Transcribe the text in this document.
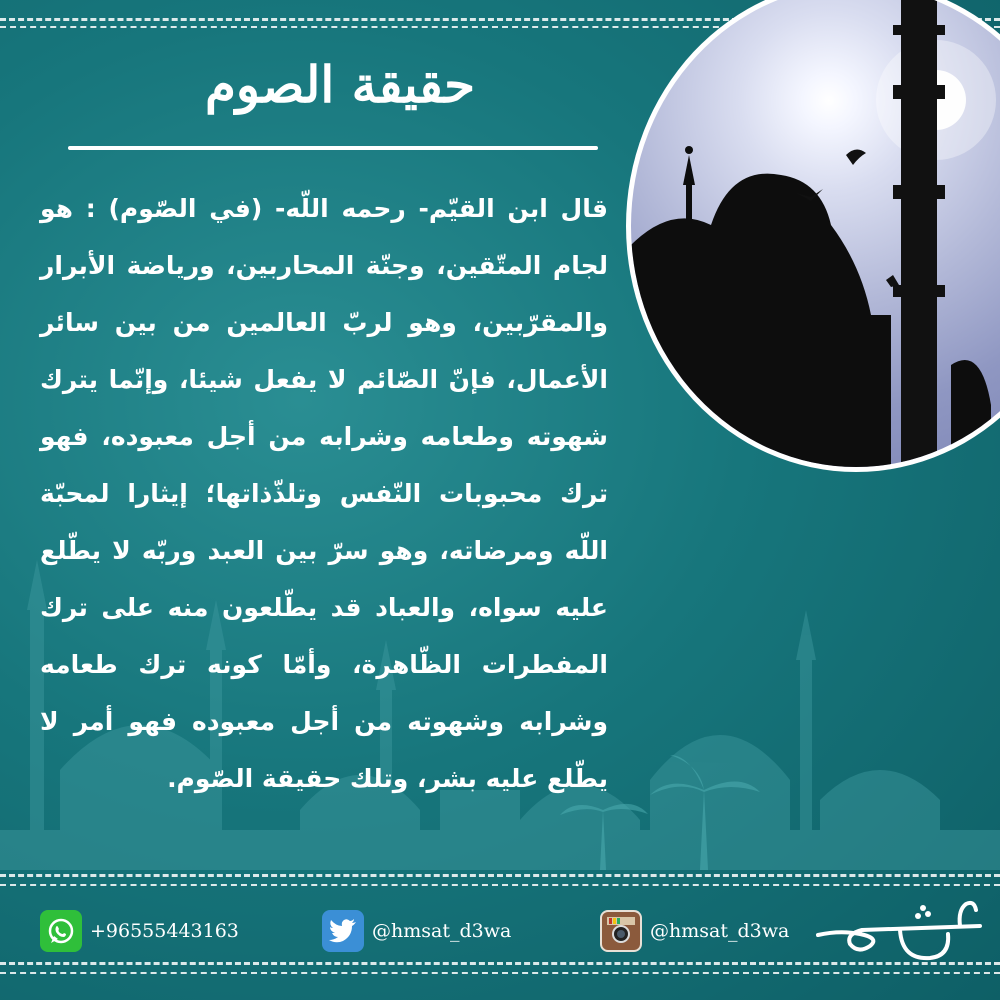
حقيقة الصوم
قال ابن القيّم- رحمه اللّه- (في الصّوم) : هو لجام المتّقين، وجنّة المحاربين، ورياضة الأبرار والمقرّبين، وهو لربّ العالمين من بين سائر الأعمال، فإنّ الصّائم لا يفعل شيئا، وإنّما يترك شهوته وطعامه وشرابه من أجل معبوده، فهو ترك محبوبات النّفس وتلذّذاتها؛ إيثارا لمحبّة اللّه ومرضاته، وهو سرّ بين العبد وربّه لا يطّلع عليه سواه، والعباد قد يطّلعون منه على ترك المفطرات الظّاهرة، وأمّا كونه ترك طعامه وشرابه وشهوته من أجل معبوده فهو أمر لا يطّلع عليه بشر، وتلك حقيقة الصّوم.
+96555443163	@hmsat_d3wa	@hmsat_d3wa
